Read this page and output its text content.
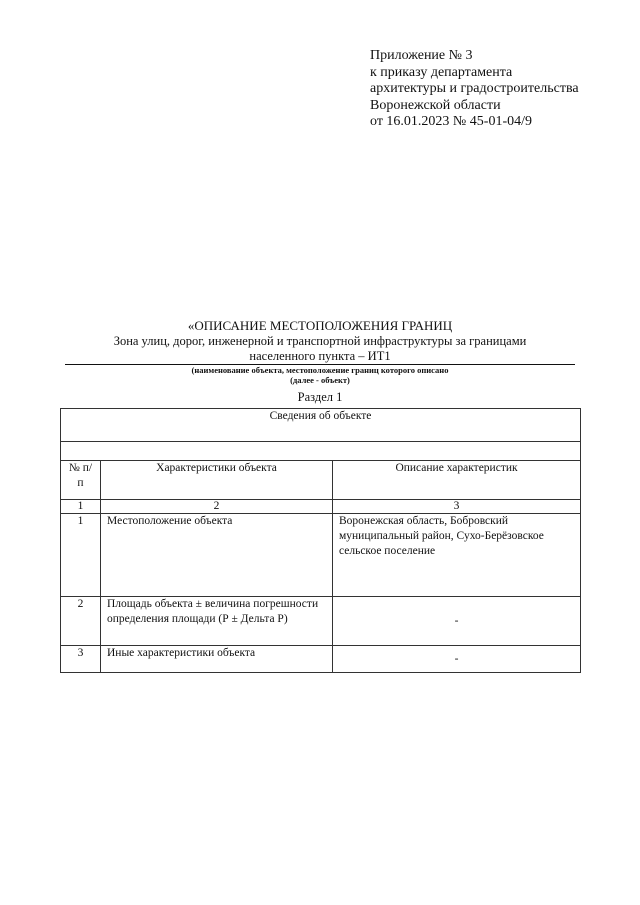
Приложение № 3
к приказу департамента
архитектуры и градостроительства
Воронежской области
от 16.01.2023 № 45-01-04/9
«ОПИСАНИЕ МЕСТОПОЛОЖЕНИЯ ГРАНИЦ
Зона улиц, дорог, инженерной и транспортной инфраструктуры за границами
населенного пункта – ИТ1
(наименование объекта, местоположение границ которого описано
(далее - объект)
Раздел 1
Сведения об объекте		

№ п/п	Характеристики объекта	Описание характеристик
1	2	3
1	Местоположение объекта	Воронежская область, Бобровский муниципальный район, Сухо-Берёзовское сельское поселение
2	Площадь объекта ± величина погрешности определения площади (Р ± Дельта Р)	-
3	Иные характеристики объекта	-
